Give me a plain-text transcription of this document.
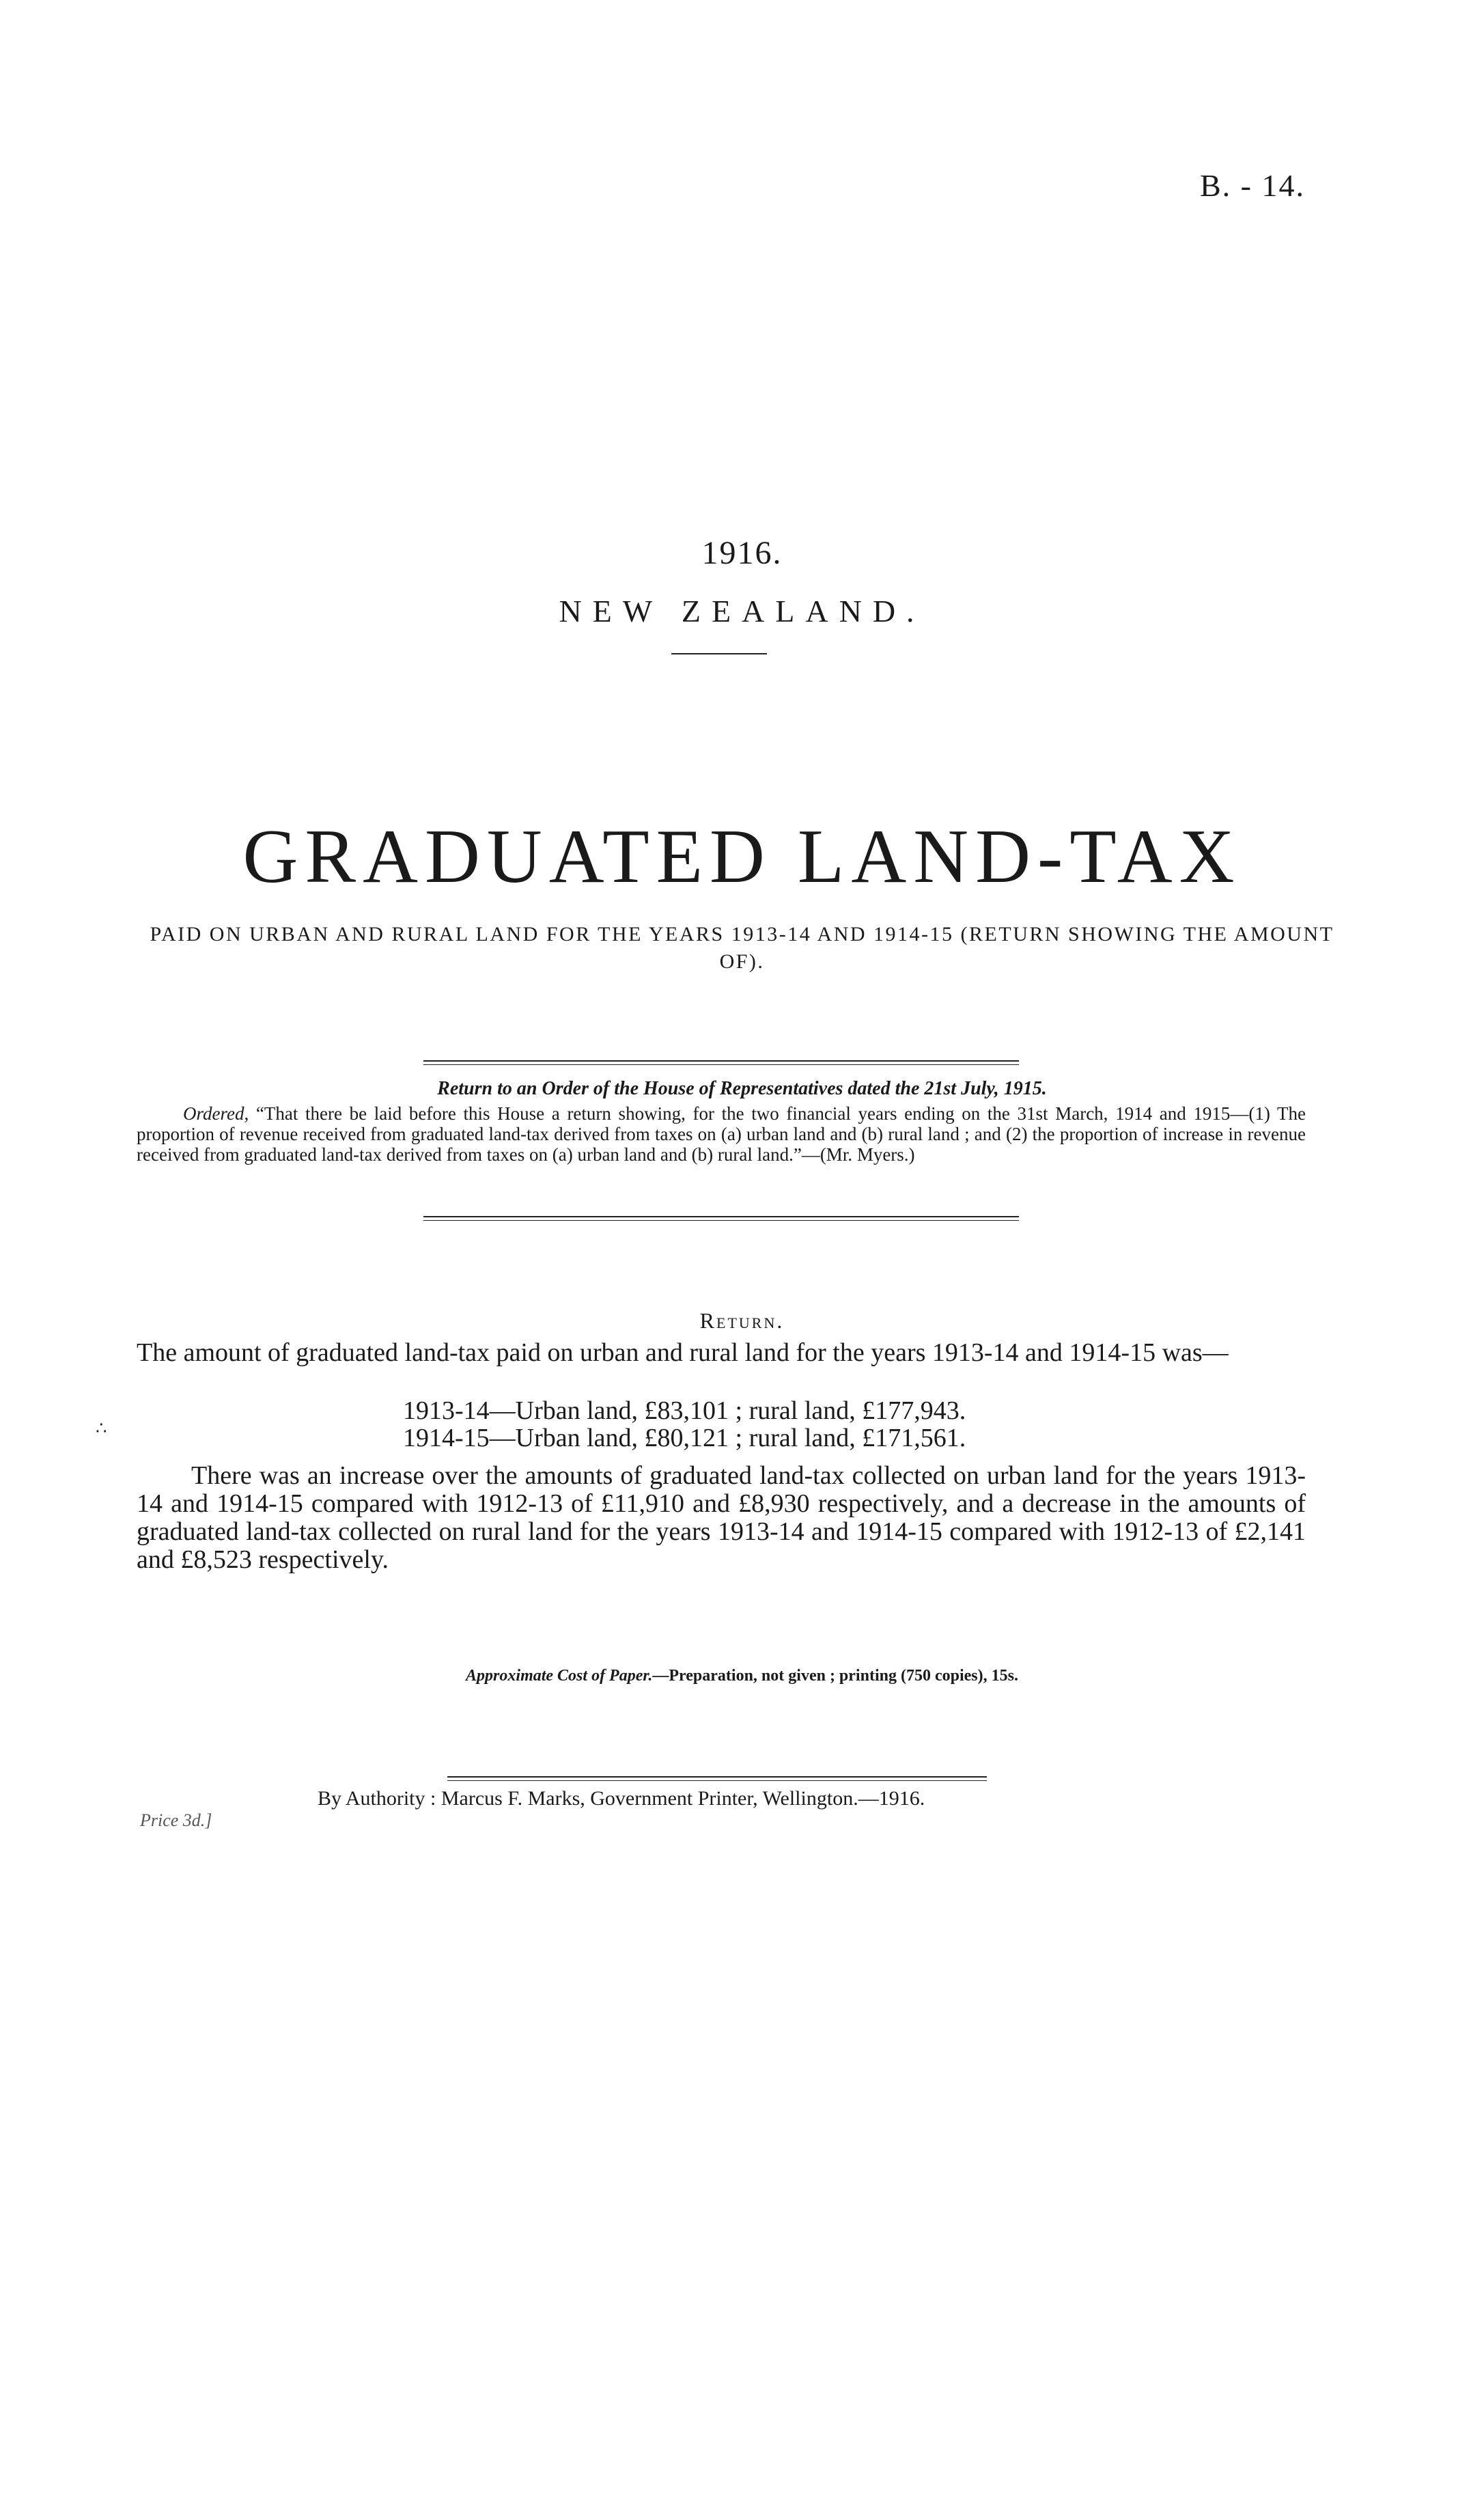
B. - 14.
1916.
NEW ZEALAND.
GRADUATED LAND-TAX
PAID ON URBAN AND RURAL LAND FOR THE YEARS 1913-14 AND 1914-15 (RETURN SHOWING THE AMOUNT OF).
Return to an Order of the House of Representatives dated the 21st July, 1915.
Ordered, “That there be laid before this House a return showing, for the two financial years ending on the 31st March, 1914 and 1915—(1) The proportion of revenue received from graduated land-tax derived from taxes on (a) urban land and (b) rural land ; and (2) the proportion of increase in revenue received from graduated land-tax derived from taxes on (a) urban land and (b) rural land.”—(Mr. Myers.)
Return.
The amount of graduated land-tax paid on urban and rural land for the years 1913-14 and 1914-15 was—
1913-14—Urban land, £83,101 ; rural land, £177,943.
1914-15—Urban land, £80,121 ; rural land, £171,561.
∴
There was an increase over the amounts of graduated land-tax collected on urban land for the years 1913-14 and 1914-15 compared with 1912-13 of £11,910 and £8,930 respectively, and a decrease in the amounts of graduated land-tax collected on rural land for the years 1913-14 and 1914-15 compared with 1912-13 of £2,141 and £8,523 respectively.
Approximate Cost of Paper.—Preparation, not given ; printing (750 copies), 15s.
By Authority : Marcus F. Marks, Government Printer, Wellington.—1916.
Price 3d.]
